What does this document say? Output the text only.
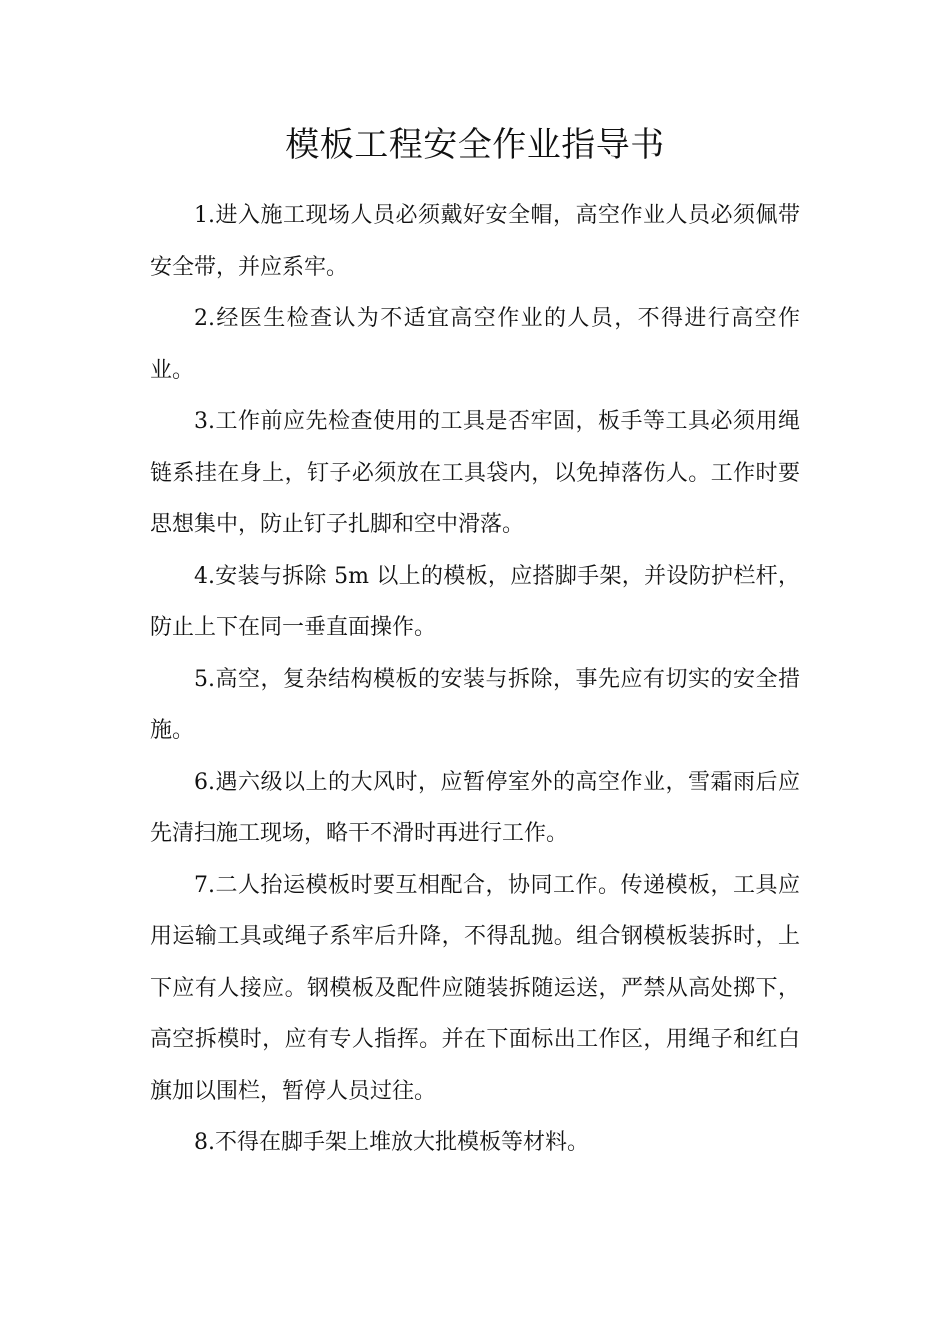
模板工程安全作业指导书

1.进入施工现场人员必须戴好安全帽，高空作业人员必须佩带安全带，并应系牢。

2.经医生检查认为不适宜高空作业的人员，不得进行高空作业。

3.工作前应先检查使用的工具是否牢固，板手等工具必须用绳链系挂在身上，钉子必须放在工具袋内，以免掉落伤人。工作时要思想集中，防止钉子扎脚和空中滑落。

4.安装与拆除 5m 以上的模板，应搭脚手架，并设防护栏杆，防止上下在同一垂直面操作。

5.高空，复杂结构模板的安装与拆除，事先应有切实的安全措施。

6.遇六级以上的大风时，应暂停室外的高空作业，雪霜雨后应先清扫施工现场，略干不滑时再进行工作。

7.二人抬运模板时要互相配合，协同工作。传递模板，工具应用运输工具或绳子系牢后升降，不得乱抛。组合钢模板装拆时，上下应有人接应。钢模板及配件应随装拆随运送，严禁从高处掷下，高空拆模时，应有专人指挥。并在下面标出工作区，用绳子和红白旗加以围栏，暂停人员过往。

8.不得在脚手架上堆放大批模板等材料。
